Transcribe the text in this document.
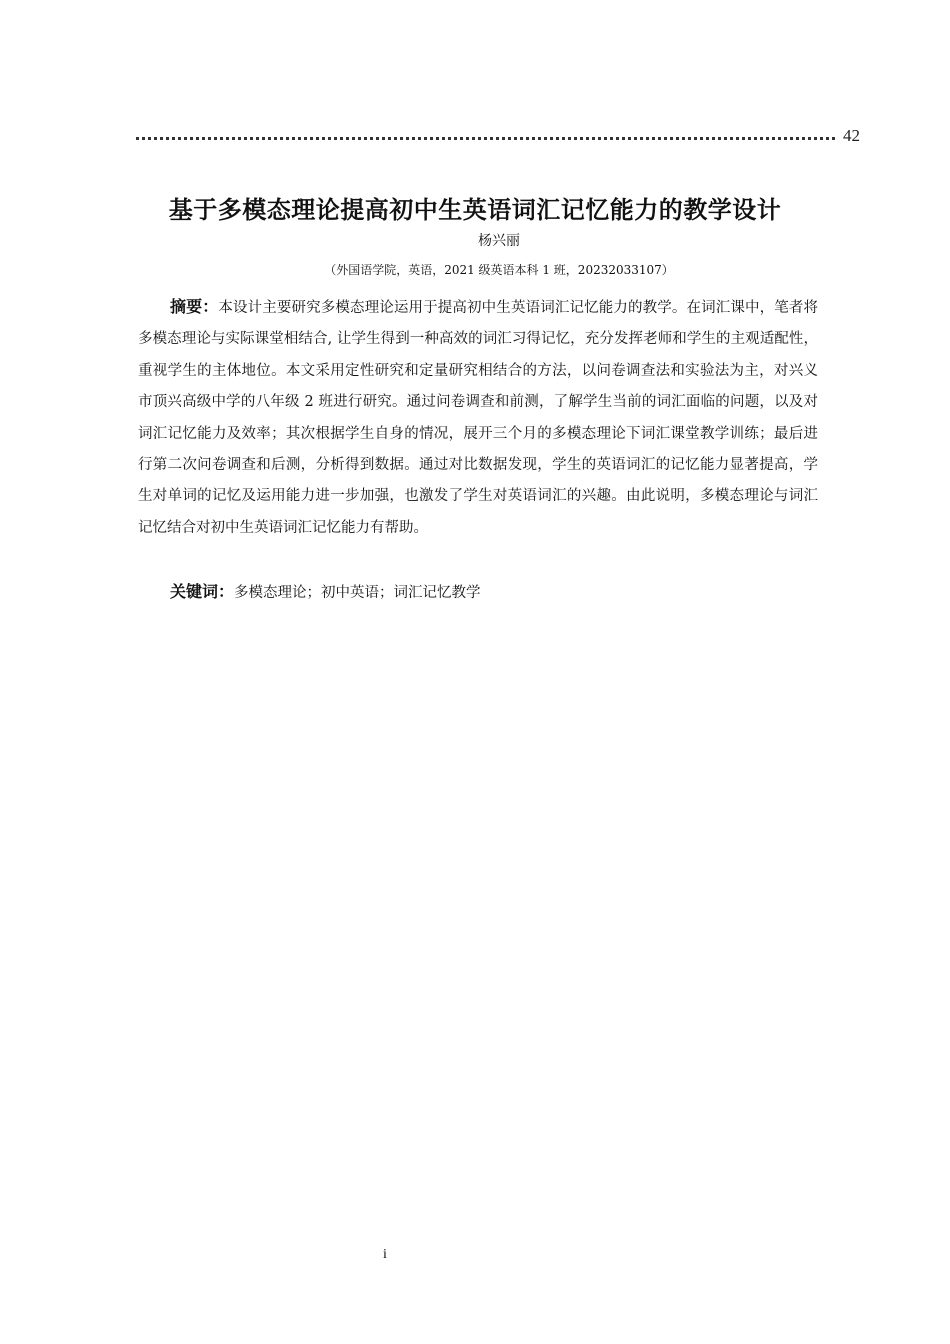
42
基于多模态理论提高初中生英语词汇记忆能力的教学设计
杨兴丽
（外国语学院，英语，2021 级英语本科 1 班，20232033107）

摘要：本设计主要研究多模态理论运用于提高初中生英语词汇记忆能力的教学。在词汇课中，笔者将多模态理论与实际课堂相结合, 让学生得到一种高效的词汇习得记忆，充分发挥老师和学生的主观适配性，重视学生的主体地位。本文采用定性研究和定量研究相结合的方法，以问卷调查法和实验法为主，对兴义市顶兴高级中学的八年级 2 班进行研究。通过问卷调查和前测，了解学生当前的词汇面临的问题，以及对词汇记忆能力及效率；其次根据学生自身的情况，展开三个月的多模态理论下词汇课堂教学训练；最后进行第二次问卷调查和后测，分析得到数据。通过对比数据发现，学生的英语词汇的记忆能力显著提高，学生对单词的记忆及运用能力进一步加强，也激发了学生对英语词汇的兴趣。由此说明，多模态理论与词汇记忆结合对初中生英语词汇记忆能力有帮助。

关键词：多模态理论；初中英语；词汇记忆教学

i
